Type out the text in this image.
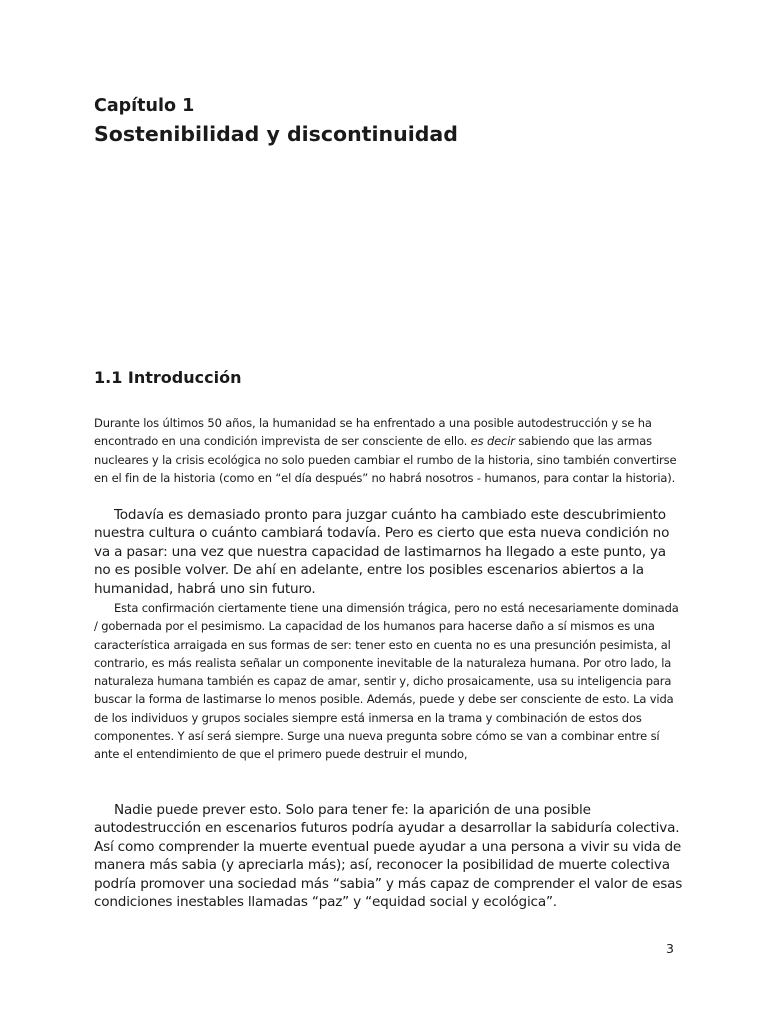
Capítulo 1
Sostenibilidad y discontinuidad
1.1 Introducción

Durante los últimos 50 años, la humanidad se ha enfrentado a una posible autodestrucción y se ha encontrado en una condición imprevista de ser consciente de ello. es decir sabiendo que las armas nucleares y la crisis ecológica no solo pueden cambiar el rumbo de la historia, sino también convertirse en el fin de la historia (como en “el día después” no habrá nosotros - humanos, para contar la historia).

Todavía es demasiado pronto para juzgar cuánto ha cambiado este descubrimiento nuestra cultura o cuánto cambiará todavía. Pero es cierto que esta nueva condición no va a pasar: una vez que nuestra capacidad de lastimarnos ha llegado a este punto, ya no es posible volver. De ahí en adelante, entre los posibles escenarios abiertos a la humanidad, habrá uno sin futuro.

Esta confirmación ciertamente tiene una dimensión trágica, pero no está necesariamente dominada / gobernada por el pesimismo. La capacidad de los humanos para hacerse daño a sí mismos es una característica arraigada en sus formas de ser: tener esto en cuenta no es una presunción pesimista, al contrario, es más realista señalar un componente inevitable de la naturaleza humana. Por otro lado, la naturaleza humana también es capaz de amar, sentir y, dicho prosaicamente, usa su inteligencia para buscar la forma de lastimarse lo menos posible. Además, puede y debe ser consciente de esto. La vida de los individuos y grupos sociales siempre está inmersa en la trama y combinación de estos dos componentes. Y así será siempre. Surge una nueva pregunta sobre cómo se van a combinar entre sí ante el entendimiento de que el primero puede destruir el mundo,

Nadie puede prever esto. Solo para tener fe: la aparición de una posible autodestrucción en escenarios futuros podría ayudar a desarrollar la sabiduría colectiva. Así como comprender la muerte eventual puede ayudar a una persona a vivir su vida de manera más sabia (y apreciarla más); así, reconocer la posibilidad de muerte colectiva podría promover una sociedad más “sabia” y más capaz de comprender el valor de esas condiciones inestables llamadas “paz” y “equidad social y ecológica”.

3
